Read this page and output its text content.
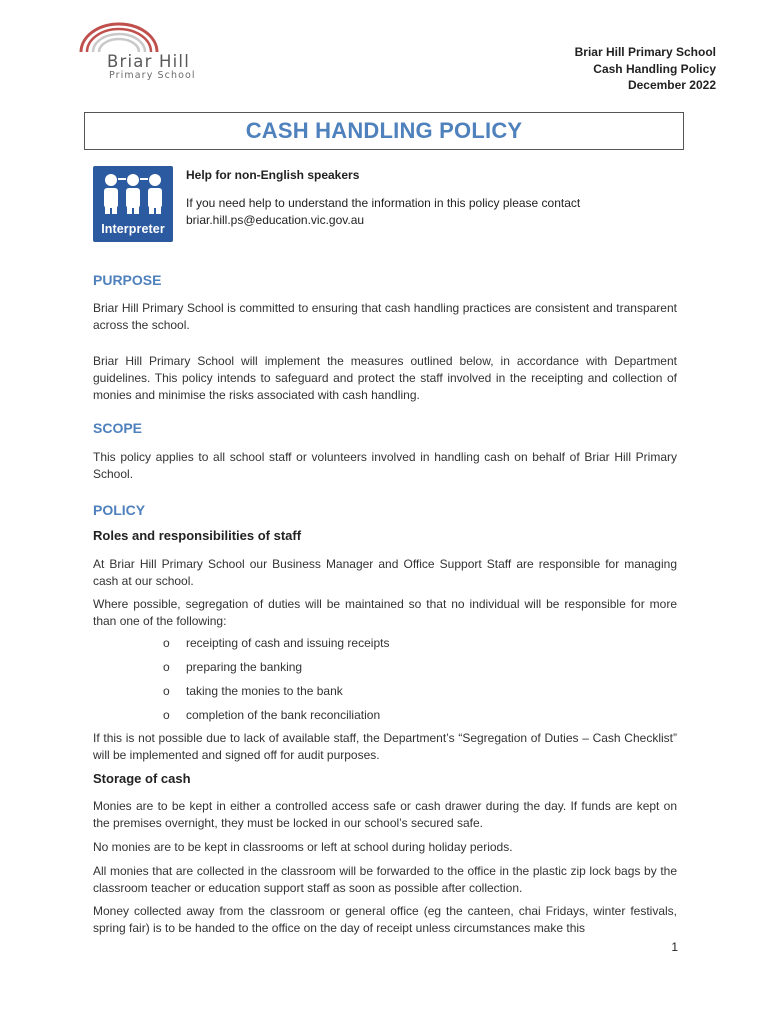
Briar Hill
Primary School
Briar Hill Primary School
Cash Handling Policy
December 2022
CASH HANDLING POLICY
Interpreter
Help for non-English speakers
If you need help to understand the information in this policy please contact briar.hill.ps@education.vic.gov.au
PURPOSE
Briar Hill Primary School is committed to ensuring that cash handling practices are consistent and transparent across the school.
Briar Hill Primary School will implement the measures outlined below, in accordance with Department guidelines. This policy intends to safeguard and protect the staff involved in the receipting and collection of monies and minimise the risks associated with cash handling.
SCOPE
This policy applies to all school staff or volunteers involved in handling cash on behalf of Briar Hill Primary School.
POLICY
Roles and responsibilities of staff
At Briar Hill Primary School our Business Manager and Office Support Staff are responsible for managing cash at our school.
Where possible, segregation of duties will be maintained so that no individual will be responsible for more than one of the following:
o receipting of cash and issuing receipts
o preparing the banking
o taking the monies to the bank
o completion of the bank reconciliation
If this is not possible due to lack of available staff, the Department’s “Segregation of Duties – Cash Checklist” will be implemented and signed off for audit purposes.
Storage of cash
Monies are to be kept in either a controlled access safe or cash drawer during the day. If funds are kept on the premises overnight, they must be locked in our school’s secured safe.
No monies are to be kept in classrooms or left at school during holiday periods.
All monies that are collected in the classroom will be forwarded to the office in the plastic zip lock bags by the classroom teacher or education support staff as soon as possible after collection.
Money collected away from the classroom or general office (eg the canteen, chai Fridays, winter festivals, spring fair) is to be handed to the office on the day of receipt unless circumstances make this
1
